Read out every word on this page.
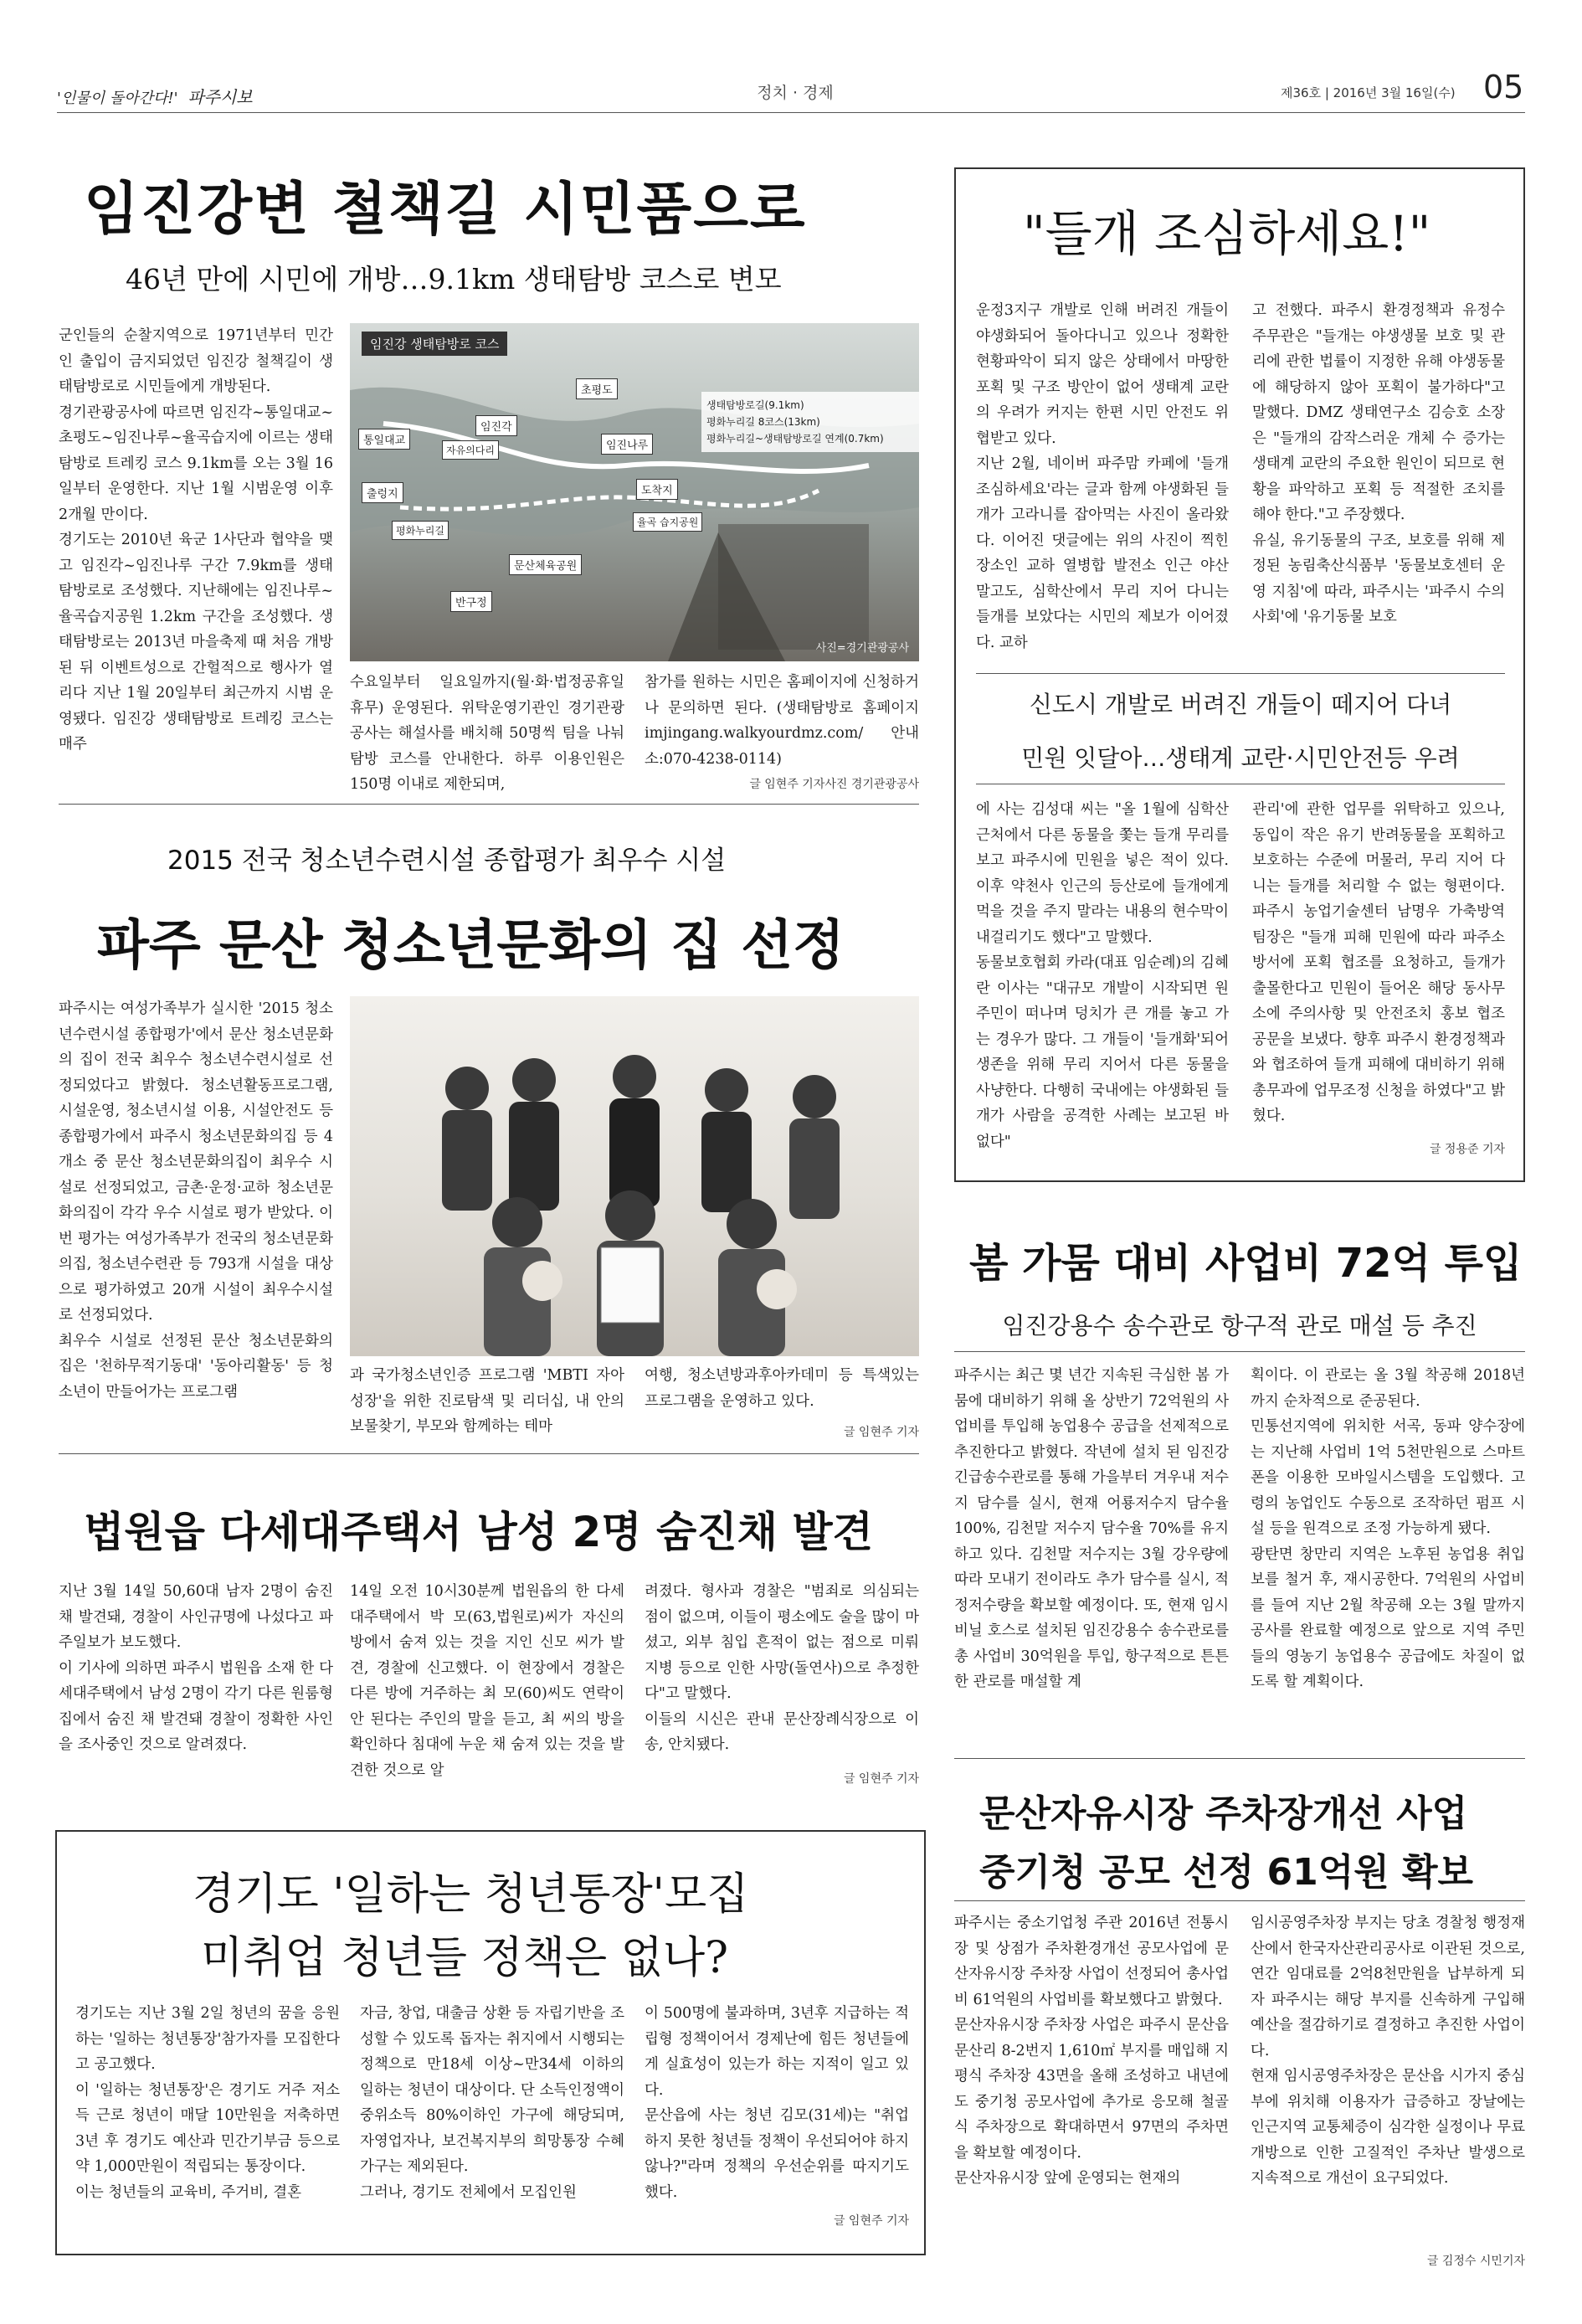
'인물이 돌아간다!' 파주시보	정치 · 경제	제36호 | 2016년 3월 16일(수) 05
임진강변 철책길 시민품으로
46년 만에 시민에 개방…9.1km 생태탐방 코스로 변모
군인들의 순찰지역으로 1971년부터 민간인 출입이 금지되었던 임진강 철책길이 생태탐방로로 시민들에게 개방된다.
경기관광공사에 따르면 임진각~통일대교~초평도~임진나루~율곡습지에 이르는 생태탐방로 트레킹 코스 9.1km를 오는 3월 16일부터 운영한다. 지난 1월 시범운영 이후 2개월 만이다.
경기도는 2010년 육군 1사단과 협약을 맺고 임진각~임진나루 구간 7.9km를 생태탐방로로 조성했다. 지난해에는 임진나루~율곡습지공원 1.2km 구간을 조성했다. 생태탐방로는 2013년 마을축제 때 처음 개방된 뒤 이벤트성으로 간헐적으로 행사가 열리다 지난 1월 20일부터 최근까지 시범 운영됐다. 임진강 생태탐방로 트레킹 코스는 매주
임진강 생태탐방로 코스
초평도
임진각
통일대교
자유의다리	임진나루
출렁지
평화누리길
율곡 습지공원
도착지
문산체육공원
반구정
생태탐방로길(9.1km)
평화누리길 8코스(13km)
평화누리길~생태탐방로길 연계(0.7km)
사진=경기관광공사
수요일부터 일요일까지(월·화·법정공휴일 휴무) 운영된다. 위탁운영기관인 경기관광공사는 해설사를 배치해 50명씩 팀을 나눠 탐방 코스를 안내한다. 하루 이용인원은 150명 이내로 제한되며,
참가를 원하는 시민은 홈페이지에 신청하거나 문의하면 된다. (생태탐방로 홈페이지 imjingang.walkyourdmz.com/ 안내소:070-4238-0114)
글 임현주 기자사진 경기관광공사
2015 전국 청소년수련시설 종합평가 최우수 시설
파주 문산 청소년문화의 집 선정
파주시는 여성가족부가 실시한 '2015 청소년수련시설 종합평가'에서 문산 청소년문화의 집이 전국 최우수 청소년수련시설로 선정되었다고 밝혔다. 청소년활동프로그램, 시설운영, 청소년시설 이용, 시설안전도 등 종합평가에서 파주시 청소년문화의집 등 4개소 중 문산 청소년문화의집이 최우수 시설로 선정되었고, 금촌·운정·교하 청소년문화의집이 각각 우수 시설로 평가 받았다. 이번 평가는 여성가족부가 전국의 청소년문화의집, 청소년수련관 등 793개 시설을 대상으로 평가하였고 20개 시설이 최우수시설로 선정되었다.
최우수 시설로 선정된 문산 청소년문화의 집은 '천하무적기동대' '동아리활동' 등 청소년이 만들어가는 프로그램
과 국가청소년인증 프로그램 'MBTI 자아성장'을 위한 진로탐색 및 리더십, 내 안의 보물찾기, 부모와 함께하는 테마
여행, 청소년방과후아카데미 등 특색있는 프로그램을 운영하고 있다.
글 임현주 기자
법원읍 다세대주택서 남성 2명 숨진채 발견
지난 3월 14일 50,60대 남자 2명이 숨진채 발견돼, 경찰이 사인규명에 나섰다고 파주일보가 보도했다.
이 기사에 의하면 파주시 법원읍 소재 한 다세대주택에서 남성 2명이 각기 다른 원룸형 집에서 숨진 채 발견돼 경찰이 정확한 사인을 조사중인 것으로 알려졌다.
14일 오전 10시30분께 법원읍의 한 다세대주택에서 박 모(63,법원로)씨가 자신의 방에서 숨져 있는 것을 지인 신모 씨가 발견, 경찰에 신고했다. 이 현장에서 경찰은 다른 방에 거주하는 최 모(60)씨도 연락이 안 된다는 주인의 말을 듣고, 최 씨의 방을 확인하다 침대에 누운 채 숨져 있는 것을 발견한 것으로 알
려졌다. 형사과 경찰은 "범죄로 의심되는 점이 없으며, 이들이 평소에도 술을 많이 마셨고, 외부 침입 흔적이 없는 점으로 미뤄 지병 등으로 인한 사망(돌연사)으로 추정한다"고 말했다.
이들의 시신은 관내 문산장례식장으로 이송, 안치됐다.
글 임현주 기자
경기도 '일하는 청년통장'모집
미취업 청년들 정책은 없나?
경기도는 지난 3월 2일 청년의 꿈을 응원하는 '일하는 청년통장'참가자를 모집한다고 공고했다.
이 '일하는 청년통장'은 경기도 거주 저소득 근로 청년이 매달 10만원을 저축하면 3년 후 경기도 예산과 민간기부금 등으로 약 1,000만원이 적립되는 통장이다.
이는 청년들의 교육비, 주거비, 결혼
자금, 창업, 대출금 상환 등 자립기반을 조성할 수 있도록 돕자는 취지에서 시행되는 정책으로 만18세 이상~만34세 이하의 일하는 청년이 대상이다. 단 소득인정액이 중위소득 80%이하인 가구에 해당되며, 자영업자나, 보건복지부의 희망통장 수혜가구는 제외된다.
그러나, 경기도 전체에서 모집인원
이 500명에 불과하며, 3년후 지급하는 적립형 정책이어서 경제난에 힘든 청년들에게 실효성이 있는가 하는 지적이 일고 있다.
문산읍에 사는 청년 김모(31세)는 "취업하지 못한 청년들 정책이 우선되어야 하지 않나?"라며 정책의 우선순위를 따지기도 했다.
글 임현주 기자
"들개 조심하세요!"
운정3지구 개발로 인해 버려진 개들이 야생화되어 돌아다니고 있으나 정확한 현황파악이 되지 않은 상태에서 마땅한 포획 및 구조 방안이 없어 생태계 교란의 우려가 커지는 한편 시민 안전도 위협받고 있다.
지난 2월, 네이버 파주맘 카페에 '들개 조심하세요'라는 글과 함께 야생화된 들개가 고라니를 잡아먹는 사진이 올라왔다. 이어진 댓글에는 위의 사진이 찍힌 장소인 교하 열병합 발전소 인근 야산 말고도, 심학산에서 무리 지어 다니는 들개를 보았다는 시민의 제보가 이어졌다. 교하
고 전했다. 파주시 환경정책과 유정수 주무관은 "들개는 야생생물 보호 및 관리에 관한 법률이 지정한 유해 야생동물에 해당하지 않아 포획이 불가하다"고 말했다. DMZ 생태연구소 김승호 소장은 "들개의 감작스러운 개체 수 증가는 생태계 교란의 주요한 원인이 되므로 현황을 파악하고 포획 등 적절한 조치를 해야 한다."고 주장했다.
유실, 유기동물의 구조, 보호를 위해 제정된 농림축산식품부 '동물보호센터 운영 지침'에 따라, 파주시는 '파주시 수의사회'에 '유기동물 보호
신도시 개발로 버려진 개들이 떼지어 다녀
민원 잇달아…생태계 교란·시민안전등 우려
에 사는 김성대 씨는 "올 1월에 심학산 근처에서 다른 동물을 쫓는 들개 무리를 보고 파주시에 민원을 넣은 적이 있다. 이후 약천사 인근의 등산로에 들개에게 먹을 것을 주지 말라는 내용의 현수막이 내걸리기도 했다"고 말했다.
동물보호협회 카라(대표 임순례)의 김혜란 이사는 "대규모 개발이 시작되면 원주민이 떠나며 덩치가 큰 개를 놓고 가는 경우가 많다. 그 개들이 '들개화'되어 생존을 위해 무리 지어서 다른 동물을 사냥한다. 다행히 국내에는 야생화된 들개가 사람을 공격한 사례는 보고된 바 없다"
관리'에 관한 업무를 위탁하고 있으나, 동입이 작은 유기 반려동물을 포획하고 보호하는 수준에 머물러, 무리 지어 다니는 들개를 처리할 수 없는 형편이다. 파주시 농업기술센터 남명우 가축방역팀장은 "들개 피해 민원에 따라 파주소방서에 포획 협조를 요청하고, 들개가 출몰한다고 민원이 들어온 해당 동사무소에 주의사항 및 안전조치 홍보 협조 공문을 보냈다. 향후 파주시 환경정책과와 협조하여 들개 피해에 대비하기 위해 총무과에 업무조정 신청을 하였다"고 밝혔다.
글 정용준 기자
봄 가뭄 대비 사업비 72억 투입
임진강용수 송수관로 항구적 관로 매설 등 추진
파주시는 최근 몇 년간 지속된 극심한 봄 가뭄에 대비하기 위해 올 상반기 72억원의 사업비를 투입해 농업용수 공급을 선제적으로 추진한다고 밝혔다. 작년에 설치 된 임진강 긴급송수관로를 통해 가을부터 겨우내 저수지 담수를 실시, 현재 어룡저수지 담수율 100%, 김천말 저수지 담수율 70%를 유지하고 있다. 김천말 저수지는 3월 강우량에 따라 모내기 전이라도 추가 담수를 실시, 적정저수량을 확보할 예정이다. 또, 현재 임시 비닐 호스로 설치된 임진강용수 송수관로를 총 사업비 30억원을 투입, 항구적으로 튼튼한 관로를 매설할 계
획이다. 이 관로는 올 3월 착공해 2018년까지 순차적으로 준공된다.
민통선지역에 위치한 서곡, 동파 양수장에는 지난해 사업비 1억 5천만원으로 스마트폰을 이용한 모바일시스템을 도입했다. 고령의 농업인도 수동으로 조작하던 펌프 시설 등을 원격으로 조정 가능하게 됐다.
광탄면 창만리 지역은 노후된 농업용 취입보를 철거 후, 재시공한다. 7억원의 사업비를 들여 지난 2월 착공해 오는 3월 말까지 공사를 완료할 예정으로 앞으로 지역 주민들의 영농기 농업용수 공급에도 차질이 없도록 할 계획이다.
문산자유시장 주차장개선 사업
중기청 공모 선정 61억원 확보
파주시는 중소기업청 주관 2016년 전통시장 및 상점가 주차환경개선 공모사업에 문산자유시장 주차장 사업이 선정되어 총사업비 61억원의 사업비를 확보했다고 밝혔다.
문산자유시장 주차장 사업은 파주시 문산읍 문산리 8-2번지 1,610㎡ 부지를 매입해 지평식 주차장 43면을 올해 조성하고 내년에도 중기청 공모사업에 추가로 응모해 철골식 주차장으로 확대하면서 97면의 주차면을 확보할 예정이다.
문산자유시장 앞에 운영되는 현재의
임시공영주차장 부지는 당초 경찰청 행정재산에서 한국자산관리공사로 이관된 것으로, 연간 임대료를 2억8천만원을 납부하게 되자 파주시는 해당 부지를 신속하게 구입해 예산을 절감하기로 결정하고 추진한 사업이다.
현재 임시공영주차장은 문산읍 시가지 중심부에 위치해 이용자가 급증하고 장날에는 인근지역 교통체증이 심각한 실정이나 무료개방으로 인한 고질적인 주차난 발생으로 지속적으로 개선이 요구되었다.
글 김정수 시민기자
